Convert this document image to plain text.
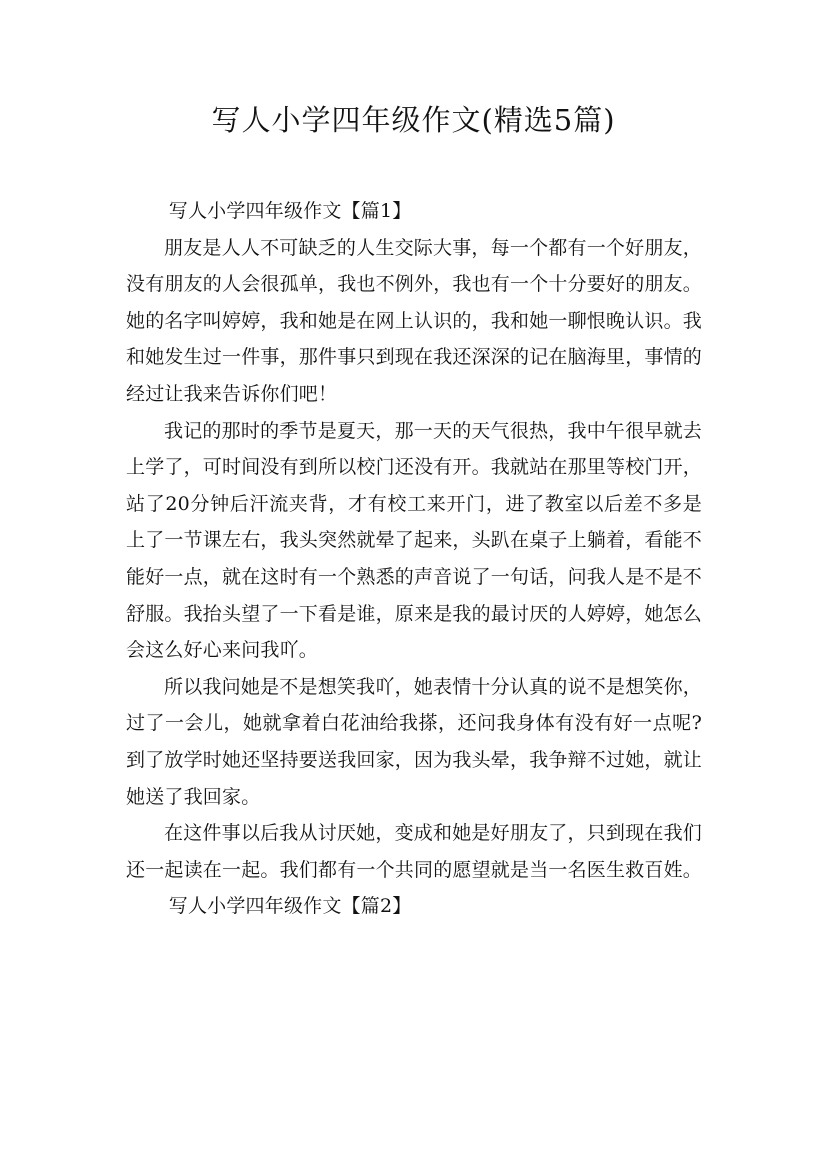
写人小学四年级作文(精选5篇)

写人小学四年级作文【篇1】

朋友是人人不可缺乏的人生交际大事，每一个都有一个好朋友，没有朋友的人会很孤单，我也不例外，我也有一个十分要好的朋友。她的名字叫婷婷，我和她是在网上认识的，我和她一聊恨晚认识。我和她发生过一件事，那件事只到现在我还深深的记在脑海里，事情的经过让我来告诉你们吧！

我记的那时的季节是夏天，那一天的天气很热，我中午很早就去上学了，可时间没有到所以校门还没有开。我就站在那里等校门开，站了20分钟后汗流夹背，才有校工来开门，进了教室以后差不多是上了一节课左右，我头突然就晕了起来，头趴在桌子上躺着，看能不能好一点，就在这时有一个熟悉的声音说了一句话，问我人是不是不舒服。我抬头望了一下看是谁，原来是我的最讨厌的人婷婷，她怎么会这么好心来问我吖。

所以我问她是不是想笑我吖，她表情十分认真的说不是想笑你，过了一会儿，她就拿着白花油给我搽，还问我身体有没有好一点呢?到了放学时她还坚持要送我回家，因为我头晕，我争辩不过她，就让她送了我回家。

在这件事以后我从讨厌她，变成和她是好朋友了，只到现在我们还一起读在一起。我们都有一个共同的愿望就是当一名医生救百姓。

写人小学四年级作文【篇2】
